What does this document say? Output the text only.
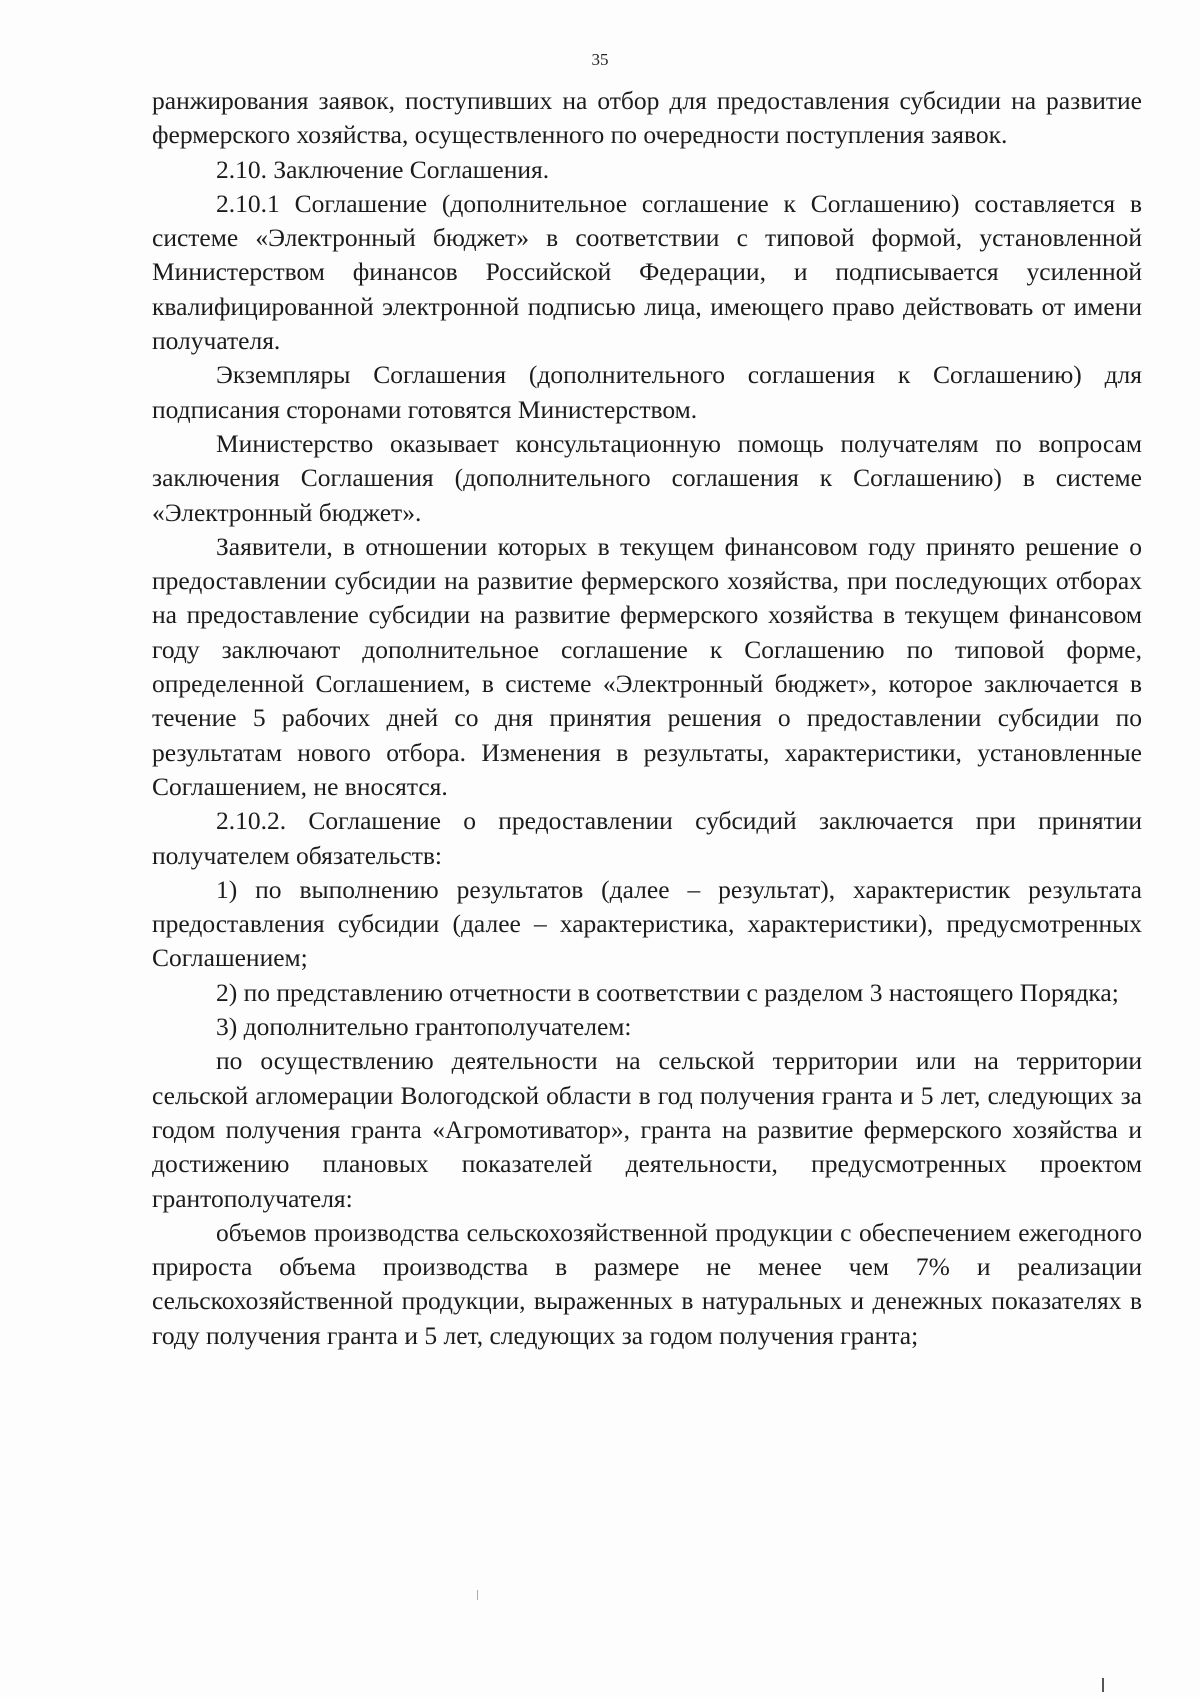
35

ранжирования заявок, поступивших на отбор для предоставления субсидии на развитие фермерского хозяйства, осуществленного по очередности поступления заявок.

2.10. Заключение Соглашения.

2.10.1 Соглашение (дополнительное соглашение к Соглашению) составляется в системе «Электронный бюджет» в соответствии с типовой формой, установленной Министерством финансов Российской Федерации, и подписывается усиленной квалифицированной электронной подписью лица, имеющего право действовать от имени получателя.

Экземпляры Соглашения (дополнительного соглашения к Соглашению) для подписания сторонами готовятся Министерством.

Министерство оказывает консультационную помощь получателям по вопросам заключения Соглашения (дополнительного соглашения к Соглашению) в системе «Электронный бюджет».

Заявители, в отношении которых в текущем финансовом году принято решение о предоставлении субсидии на развитие фермерского хозяйства, при последующих отборах на предоставление субсидии на развитие фермерского хозяйства в текущем финансовом году заключают дополнительное соглашение к Соглашению по типовой форме, определенной Соглашением, в системе «Электронный бюджет», которое заключается в течение 5 рабочих дней со дня принятия решения о предоставлении субсидии по результатам нового отбора. Изменения в результаты, характеристики, установленные Соглашением, не вносятся.

2.10.2. Соглашение о предоставлении субсидий заключается при принятии получателем обязательств:

1) по выполнению результатов (далее – результат), характеристик результата предоставления субсидии (далее – характеристика, характеристики), предусмотренных Соглашением;

2) по представлению отчетности в соответствии с разделом 3 настоящего Порядка;

3) дополнительно грантополучателем:

по осуществлению деятельности на сельской территории или на территории сельской агломерации Вологодской области в год получения гранта и 5 лет, следующих за годом получения гранта «Агромотиватор», гранта на развитие фермерского хозяйства и достижению плановых показателей деятельности, предусмотренных проектом грантополучателя:

объемов производства сельскохозяйственной продукции с обеспечением ежегодного прироста объема производства в размере не менее чем 7% и реализации сельскохозяйственной продукции, выраженных в натуральных и денежных показателях в году получения гранта и 5 лет, следующих за годом получения гранта;
